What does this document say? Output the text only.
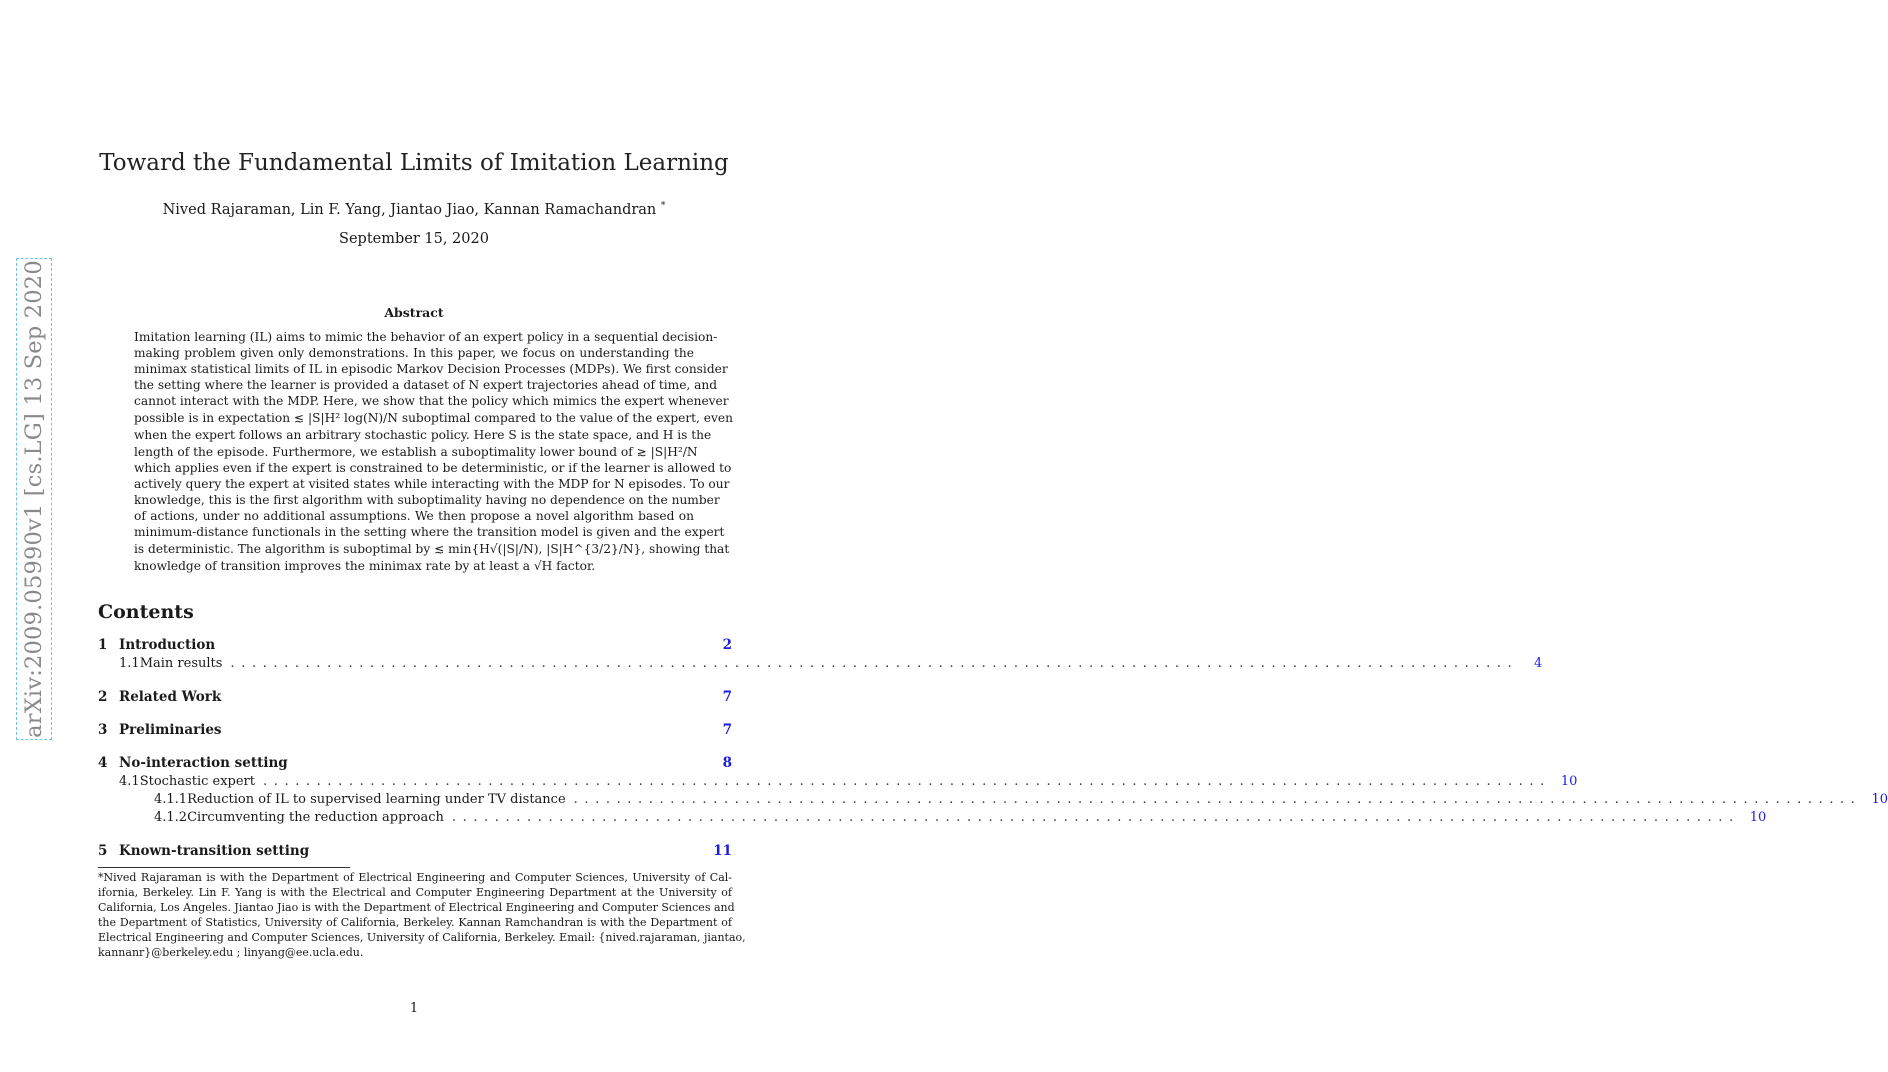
arXiv:2009.05990v1 [cs.LG] 13 Sep 2020
Toward the Fundamental Limits of Imitation Learning
Nived Rajaraman, Lin F. Yang, Jiantao Jiao, Kannan Ramachandran *
September 15, 2020
Abstract
Imitation learning (IL) aims to mimic the behavior of an expert policy in a sequential decision-
making problem given only demonstrations. In this paper, we focus on understanding the
minimax statistical limits of IL in episodic Markov Decision Processes (MDPs). We first consider
the setting where the learner is provided a dataset of N expert trajectories ahead of time, and
cannot interact with the MDP. Here, we show that the policy which mimics the expert whenever
possible is in expectation ≲ |S|H² log(N)/N suboptimal compared to the value of the expert, even
when the expert follows an arbitrary stochastic policy. Here S is the state space, and H is the
length of the episode. Furthermore, we establish a suboptimality lower bound of ≳ |S|H²/N
which applies even if the expert is constrained to be deterministic, or if the learner is allowed to
actively query the expert at visited states while interacting with the MDP for N episodes. To our
knowledge, this is the first algorithm with suboptimality having no dependence on the number
of actions, under no additional assumptions. We then propose a novel algorithm based on
minimum-distance functionals in the setting where the transition model is given and the expert
is deterministic. The algorithm is suboptimal by ≲ min{H√(|S|/N), |S|H^{3/2}/N}, showing that
knowledge of transition improves the minimax rate by at least a √H factor.
Contents
1 Introduction	2
1.1 Main results ........................................................................................................................	4
2 Related Work	7
3 Preliminaries	7
4 No-interaction setting	8
4.1 Stochastic expert ........................................................................................................................ 10
4.1.1 Reduction of IL to supervised learning under TV distance ........................................................................................................................ 10
4.1.2 Circumventing the reduction approach ........................................................................................................................ 10
5 Known-transition setting	11
*Nived Rajaraman is with the Department of Electrical Engineering and Computer Sciences, University of Cal-
ifornia, Berkeley. Lin F. Yang is with the Electrical and Computer Engineering Department at the University of
California, Los Angeles. Jiantao Jiao is with the Department of Electrical Engineering and Computer Sciences and
the Department of Statistics, University of California, Berkeley. Kannan Ramchandran is with the Department of
Electrical Engineering and Computer Sciences, University of California, Berkeley. Email: {nived.rajaraman, jiantao,
kannanr}@berkeley.edu ; linyang@ee.ucla.edu.
1
